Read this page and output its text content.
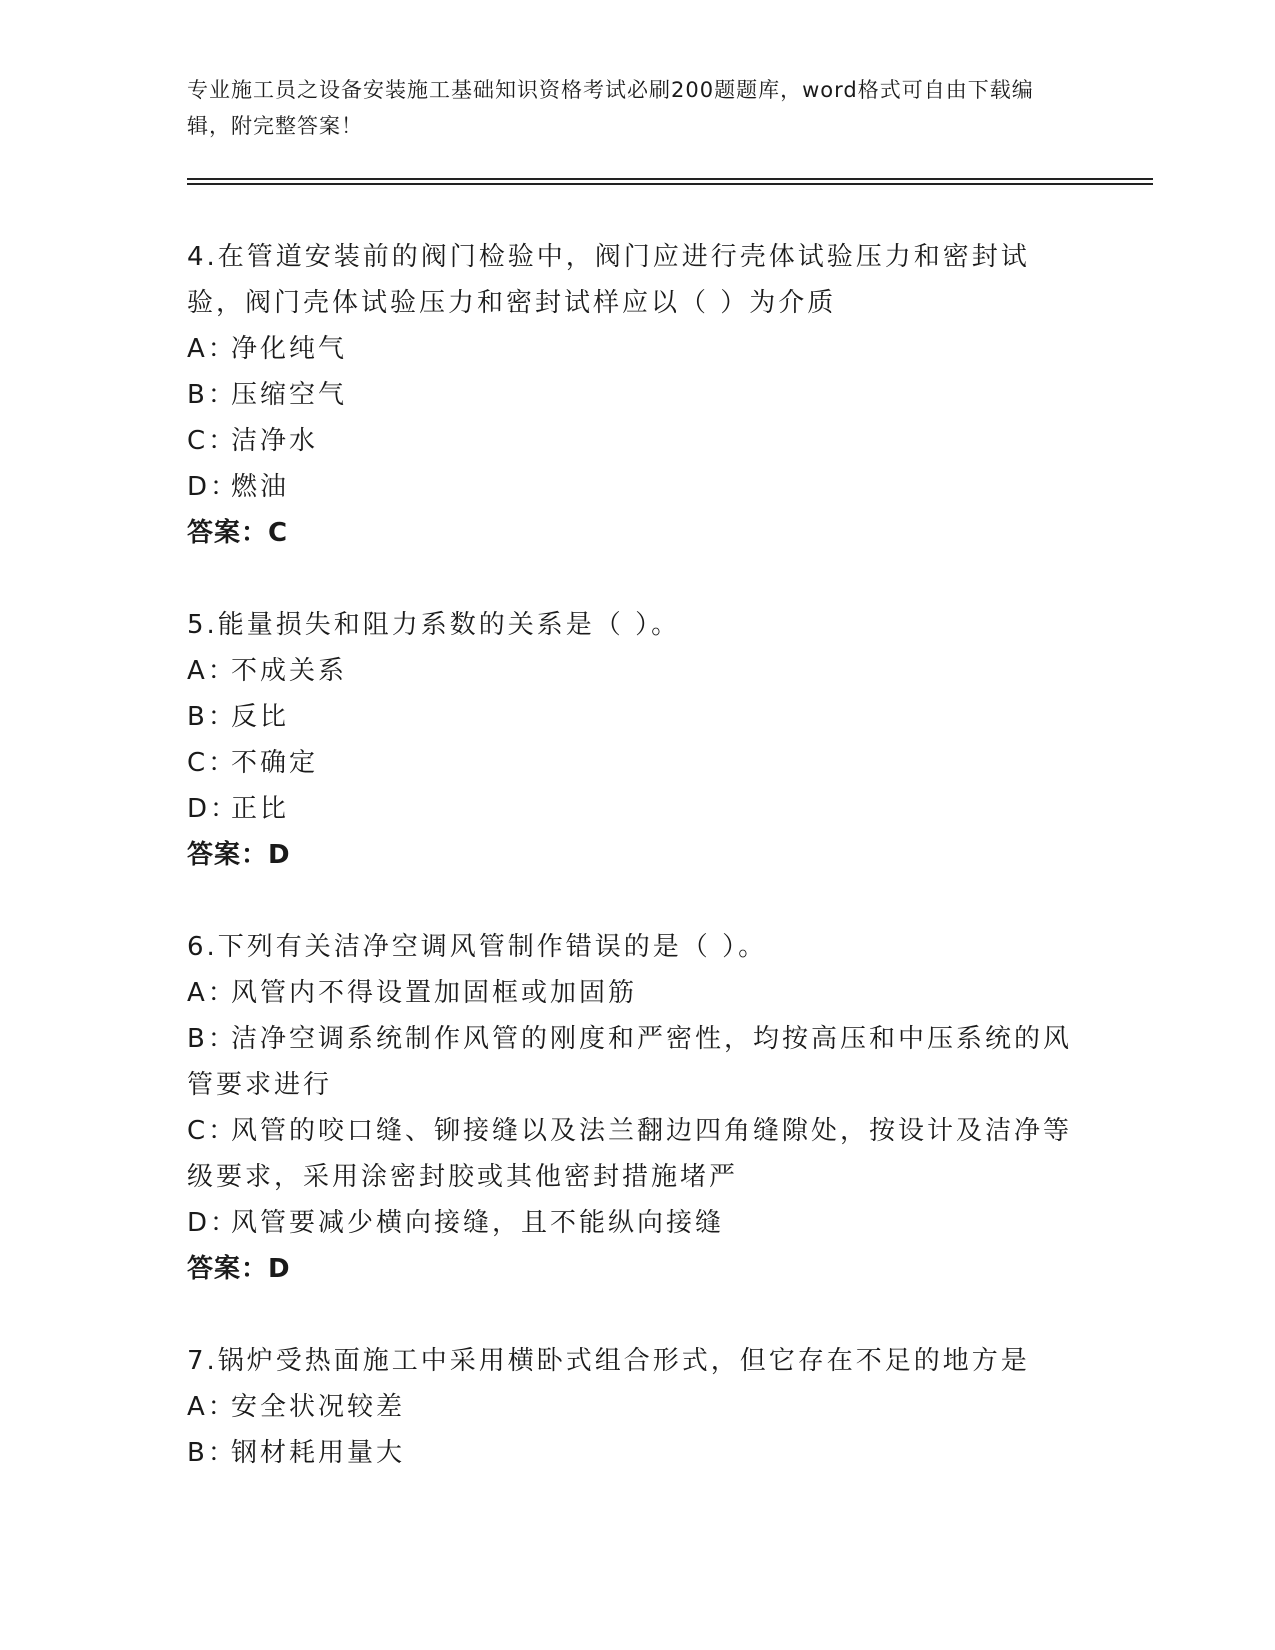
专业施工员之设备安装施工基础知识资格考试必刷200题题库，word格式可自由下载编辑，附完整答案！
4.在管道安装前的阀门检验中，阀门应进行壳体试验压力和密封试验，阀门壳体试验压力和密封试样应以（ ）为介质
A：净化纯气
B：压缩空气
C：洁净水
D：燃油
答案：C
5.能量损失和阻力系数的关系是（ ）。
A：不成关系
B：反比
C：不确定
D：正比
答案：D
6.下列有关洁净空调风管制作错误的是（ ）。
A：风管内不得设置加固框或加固筋
B：洁净空调系统制作风管的刚度和严密性，均按高压和中压系统的风管要求进行
C：风管的咬口缝、铆接缝以及法兰翻边四角缝隙处，按设计及洁净等级要求，采用涂密封胶或其他密封措施堵严
D：风管要减少横向接缝，且不能纵向接缝
答案：D
7.锅炉受热面施工中采用横卧式组合形式，但它存在不足的地方是
A：安全状况较差
B：钢材耗用量大
